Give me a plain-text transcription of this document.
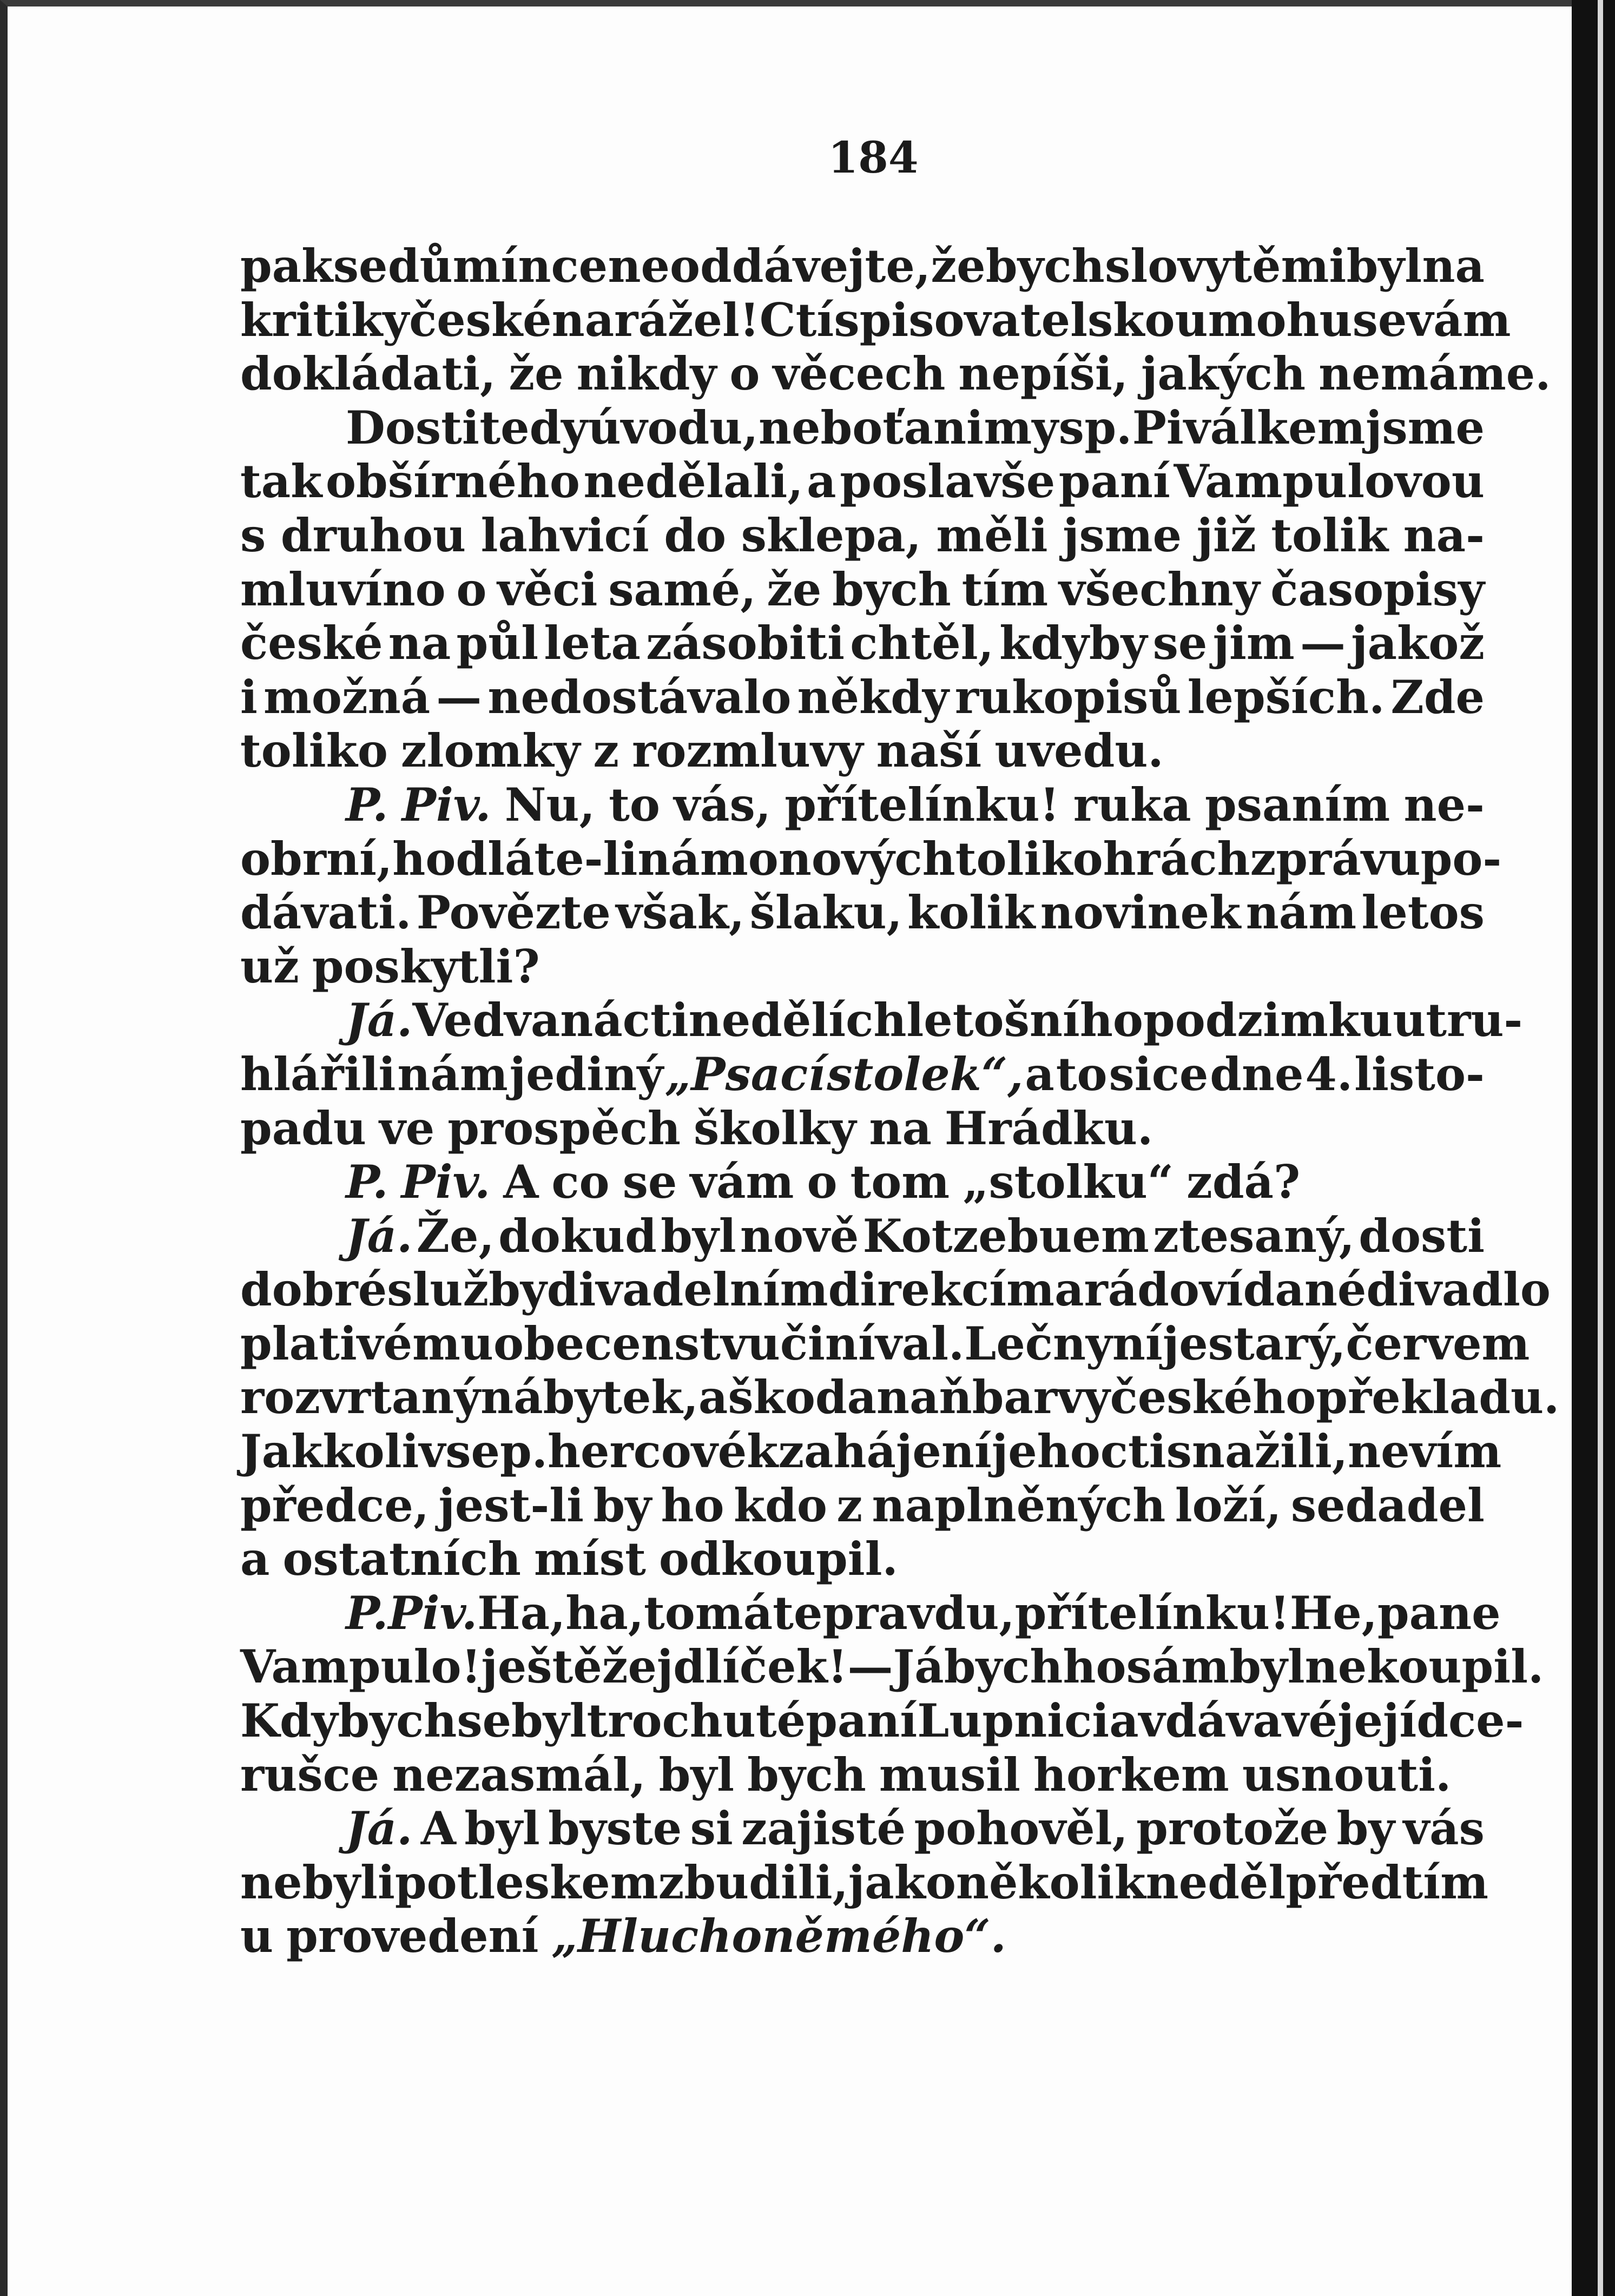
184
pak se důmínce neoddávejte, že bych slovy těmi byl na
kritiky české narážel! Ctí spisovatelskou mohu se vám
dokládati, že nikdy o věcech nepíši, jakých nemáme.
Dosti tedy úvodu, neboť ani my s p. Piválkem jsme
tak obšírného nedělali, a poslavše paní Vampulovou
s druhou lahvicí do sklepa, měli jsme již tolik na-
mluvíno o věci samé, že bych tím všechny časopisy
české na půl leta zásobiti chtěl, kdyby se jim — jakož
i možná — nedostávalo někdy rukopisů lepších. Zde
toliko zlomky z rozmluvy naší uvedu.
P. Piv. Nu, to vás, přítelínku! ruka psaním ne-
obrní, hodláte-li nám o nových toliko hrách zprávu po-
dávati. Povězte však, šlaku, kolik novinek nám letos
už poskytli?
Já. Ve dvanácti nedělích letošního podzimku utru-
hlářili nám jediný „Psací stolek“, a to sice dne 4. listo-
padu ve prospěch školky na Hrádku.
P. Piv. A co se vám o tom „stolku“ zdá?
Já. Že, dokud byl nově Kotzebuem ztesaný, dosti
dobré služby divadelním direkcím a rádo vídané divadlo
plativému obecenstvu činíval. Leč nyní je starý, červem
rozvrtaný nábytek, a škoda naň barvy českého překladu.
Jakkoliv se p. hercové k zahájení jeho cti snažili, nevím
předce, jest-li by ho kdo z naplněných loží, sedadel
a ostatních míst odkoupil.
P. Piv. Ha, ha, to máte pravdu, přítelínku! He, pane
Vampulo! ještě žejdlíček! — Já bych ho sám byl nekoupil.
Kdybych se byl trochu té paní Lupnici a vdávavé její dce-
rušce nezasmál, byl bych musil horkem usnouti.
Já. A byl byste si zajisté pohověl, protože by vás
nebyli potleskem zbudili, jako několik neděl předtím
u provedení „Hluchoněmého“.
